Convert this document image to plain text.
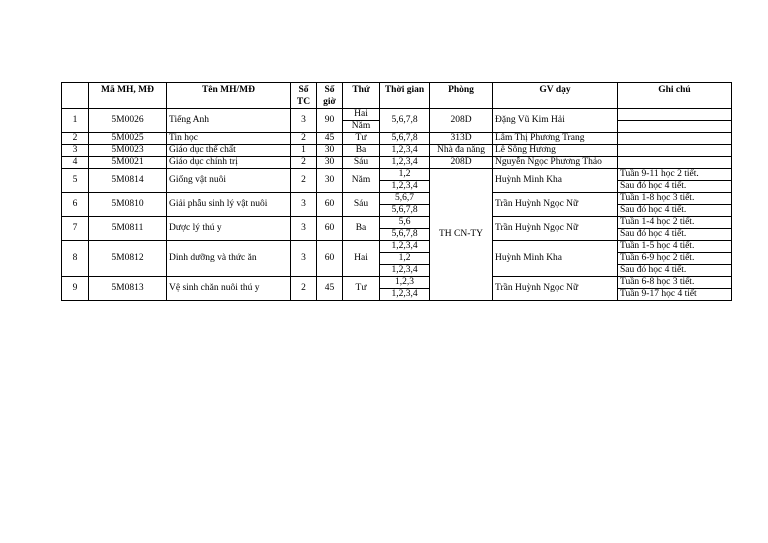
	Mã MH, MĐ	Tên MH/MĐ	Số TC	Số giờ	Thứ	Thời gian	Phòng	GV dạy	Ghi chú
1	5M0026	Tiếng Anh	3	90	Hai	5,6,7,8	208D	Đặng Vũ Kim Hải	
					Năm				
2	5M0025	Tin học	2	45	Tư	5,6,7,8	313D	Lâm Thị Phương Trang	
3	5M0023	Giáo dục thể chất	1	30	Ba	1,2,3,4	Nhà đa năng	Lê Sông Hương	
4	5M0021	Giáo dục chính trị	2	30	Sáu	1,2,3,4	208D	Nguyễn Ngọc Phương Thảo	
5	5M0814	Giống vật nuôi	2	30	Năm	1,2	TH CN-TY	Huỳnh Minh Kha	Tuần 9-11 học 2 tiết.
						1,2,3,4			Sau đó học 4 tiết.
6	5M0810	Giải phẫu sinh lý vật nuôi	3	60	Sáu	5,6,7		Trần Huỳnh Ngọc Nữ	Tuần 1-8 học 3 tiết.
						5,6,7,8			Sau đó học 4 tiết.
7	5M0811	Dược lý thú y	3	60	Ba	5,6		Trần Huỳnh Ngọc Nữ	Tuần 1-4 học 2 tiết.
						5,6,7,8			Sau đó học 4 tiết.
8	5M0812	Dinh dưỡng và thức ăn	3	60	Hai	1,2,3,4		Huỳnh Minh Kha	Tuần 1-5 học 4 tiết.
						1,2			Tuần 6-9 học 2 tiết.
						1,2,3,4			Sau đó học 4 tiết.
9	5M0813	Vệ sinh chăn nuôi thú y	2	45	Tư	1,2,3		Trần Huỳnh Ngọc Nữ	Tuần 6-8 học 3 tiết.
						1,2,3,4			Tuần 9-17 học 4 tiết
